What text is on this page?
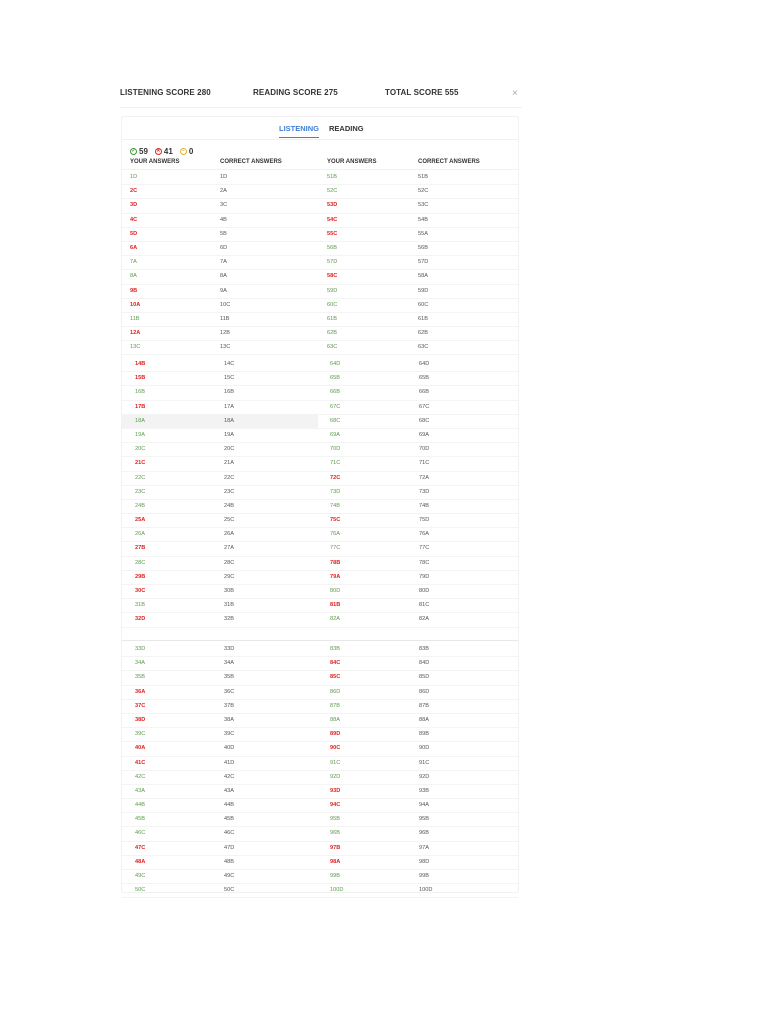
LISTENING SCORE 280	READING SCORE 275	TOTAL SCORE 555	×
LISTENING READING
✓ 59 ✕ 41	– 0
YOUR ANSWERS	CORRECT ANSWERS	YOUR ANSWERS	CORRECT ANSWERS
1D	1D	51B	51B
2C	2A	52C	52C
3D	3C	53D	53C
4C	4B	54C	54B
5D	5B	55C	55A
6A	6D	56B	56B
7A	7A	57D	57D
8A	8A	58C	58A
9B	9A	59D	59D
10A	10C	60C	60C
11B	11B	61B	61B
12A	12B	62B	62B
13C	13C	63C	63C
14B	14C	64D	64D
15B	15C	65B	65B
16B	16B	66B	66B
17B	17A	67C	67C
18A	18A	68C	68C
19A	19A	69A	69A
20C	20C	70D	70D
21C	21A	71C	71C
22C	22C	72C	72A
23C	23C	73D	73D
24B	24B	74B	74B
25A	25C	75C	75D
26A	26A	76A	76A
27B	27A	77C	77C
28C	28C	78B	78C
29B	29C	79A	79D
30C	30B	80D	80D
31B	31B	81B	81C
32D	32B	82A	82A
33D	33D	83B	83B
34A	34A	84C	84D
35B	35B	85C	85D
36A	36C	86D	86D
37C	37B	87B	87B
38D	38A	88A	88A
39C	39C	89D	89B
40A	40D	90C	90D
41C	41D	91C	91C
42C	42C	92D	92D
43A	43A	93D	93B
44B	44B	94C	94A
45B	45B	95B	95B
46C	46C	96B	96B
47C	47D	97B	97A
48A	48B	98A	98D
49C	49C	99B	99B
50C	50C	100D	100D
